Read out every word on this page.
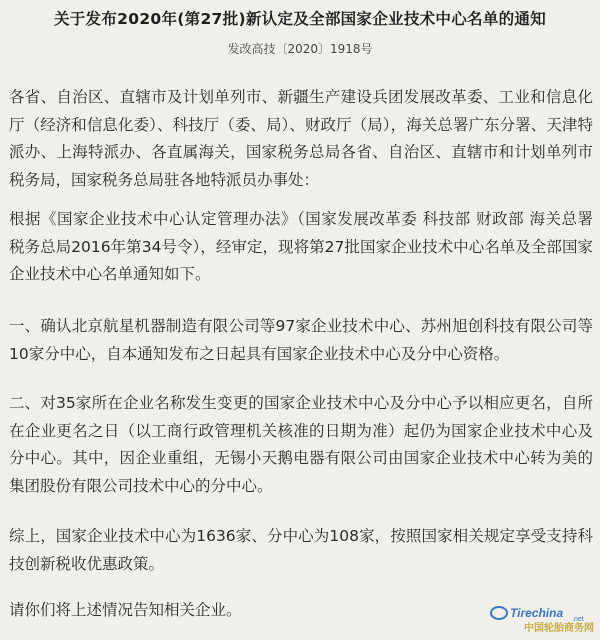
关于发布2020年(第27批)新认定及全部国家企业技术中心名单的通知
发改高技〔2020〕1918号

各省、自治区、直辖市及计划单列市、新疆生产建设兵团发展改革委、工业和信息化厅（经济和信息化委）、科技厅（委、局）、财政厅（局），海关总署广东分署、天津特派办、上海特派办、各直属海关，国家税务总局各省、自治区、直辖市和计划单列市税务局，国家税务总局驻各地特派员办事处：

根据《国家企业技术中心认定管理办法》（国家发展改革委 科技部 财政部 海关总署 税务总局2016年第34号令），经审定，现将第27批国家企业技术中心名单及全部国家企业技术中心名单通知如下。

一、确认北京航星机器制造有限公司等97家企业技术中心、苏州旭创科技有限公司等10家分中心，自本通知发布之日起具有国家企业技术中心及分中心资格。

二、对35家所在企业名称发生变更的国家企业技术中心及分中心予以相应更名，自所在企业更名之日（以工商行政管理机关核准的日期为准）起仍为国家企业技术中心及分中心。其中，因企业重组，无锡小天鹅电器有限公司由国家企业技术中心转为美的集团股份有限公司技术中心的分中心。

综上，国家企业技术中心为1636家、分中心为108家，按照国家相关规定享受支持科技创新税收优惠政策。

请你们将上述情况告知相关企业。	Tirechina .net
中国轮胎商务网
